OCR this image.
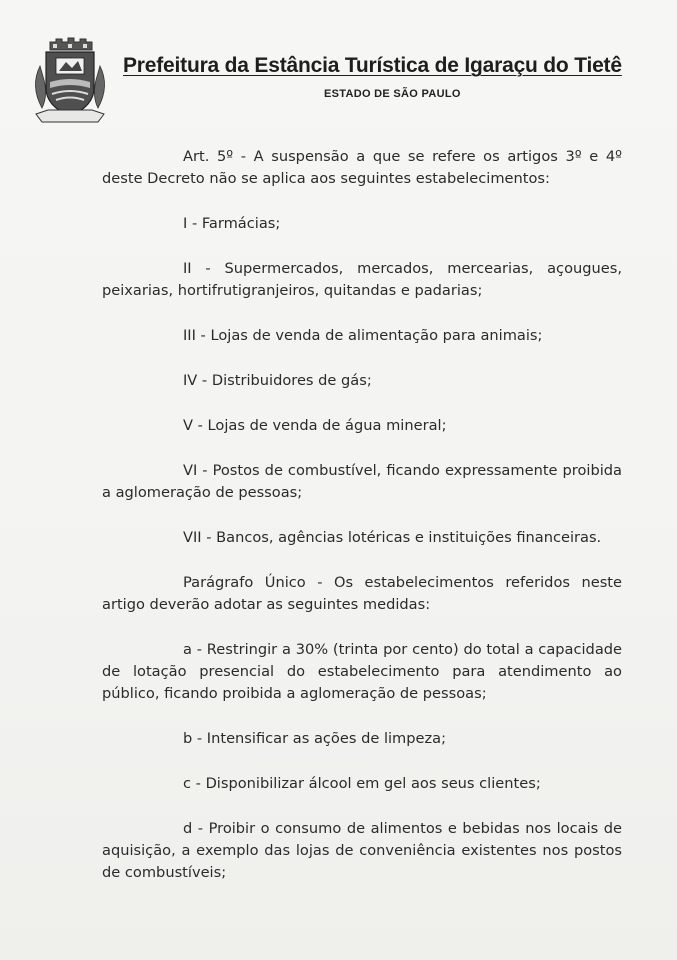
Prefeitura da Estância Turística de Igaraçu do Tietê
ESTADO DE SÃO PAULO

Art. 5º - A suspensão a que se refere os artigos 3º e 4º deste Decreto não se aplica aos seguintes estabelecimentos:

I - Farmácias;

II - Supermercados, mercados, mercearias, açougues, peixarias, hortifrutigranjeiros, quitandas e padarias;

III - Lojas de venda de alimentação para animais;

IV - Distribuidores de gás;

V - Lojas de venda de água mineral;

VI - Postos de combustível, ficando expressamente proibida a aglomeração de pessoas;

VII - Bancos, agências lotéricas e instituições financeiras.

Parágrafo Único - Os estabelecimentos referidos neste artigo deverão adotar as seguintes medidas:

a - Restringir a 30% (trinta por cento) do total a capacidade de lotação presencial do estabelecimento para atendimento ao público, ficando proibida a aglomeração de pessoas;

b - Intensificar as ações de limpeza;

c - Disponibilizar álcool em gel aos seus clientes;

d - Proibir o consumo de alimentos e bebidas nos locais de aquisição, a exemplo das lojas de conveniência existentes nos postos de combustíveis;
